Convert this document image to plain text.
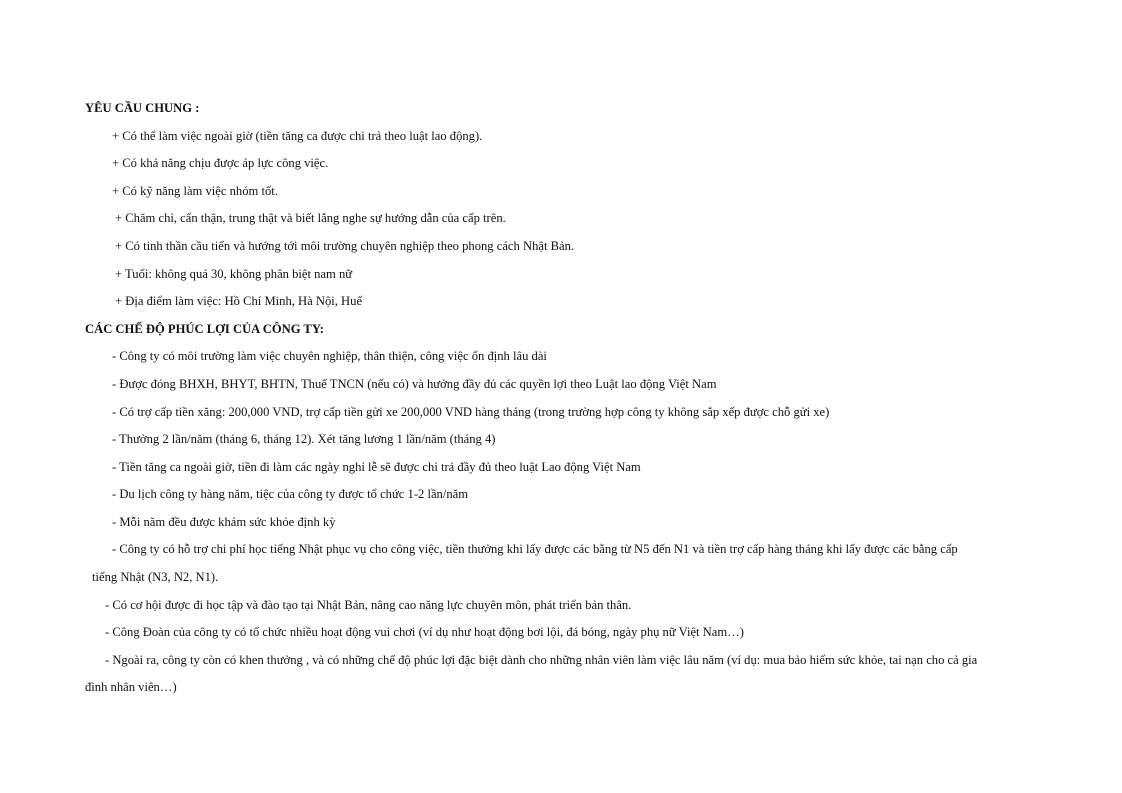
YÊU CẦU CHUNG :
+ Có thể làm việc ngoài giờ (tiền tăng ca được chi trả theo luật lao động).
+ Có khả năng chịu được áp lực công việc.
+ Có kỹ năng làm việc nhóm tốt.
+ Chăm chỉ, cẩn thận, trung thật và biết lắng nghe sự hướng dẫn của cấp trên.
+ Có tinh thần cầu tiến và hướng tới môi trường chuyên nghiệp theo phong cách Nhật Bản.
+ Tuổi: không quá 30, không phân biệt nam nữ
+ Địa điểm làm việc: Hồ Chí Minh, Hà Nội, Huế
CÁC CHẾ ĐỘ PHÚC LỢI CỦA CÔNG TY:
- Công ty có môi trường làm việc chuyên nghiệp, thân thiện, công việc ổn định lâu dài
- Được đóng BHXH, BHYT, BHTN, Thuế TNCN (nếu có) và hưởng đầy đủ các quyền lợi theo Luật lao động Việt Nam
- Có trợ cấp tiền xăng: 200,000 VND, trợ cấp tiền gửi xe 200,000 VND hàng tháng (trong trường hợp công ty không sắp xếp được chỗ gửi xe)
- Thưởng 2 lần/năm (tháng 6, tháng 12). Xét tăng lương 1 lần/năm (tháng 4)
- Tiền tăng ca ngoài giờ, tiền đi làm các ngày nghỉ lễ sẽ được chi trả đầy đủ theo luật Lao động Việt Nam
- Du lịch công ty hàng năm, tiệc của công ty được tổ chức 1-2 lần/năm
- Mỗi năm đều được khám sức khỏe định kỳ
- Công ty có hỗ trợ chi phí học tiếng Nhật phục vụ cho công việc, tiền thưởng khi lấy được các bằng từ N5 đến N1 và tiền trợ cấp hàng tháng khi lấy được các bằng cấp
tiếng Nhật (N3, N2, N1).
- Có cơ hội được đi học tập và đào tạo tại Nhật Bản, nâng cao năng lực chuyên môn, phát triển bản thân.
- Công Đoàn của công ty có tổ chức nhiều hoạt động vui chơi (ví dụ như hoạt động bơi lội, đá bóng, ngày phụ nữ Việt Nam…)
- Ngoài ra, công ty còn có khen thưởng , và có những chế độ phúc lợi đặc biệt dành cho những nhân viên làm việc lâu năm (ví dụ: mua bảo hiểm sức khỏe, tai nạn cho cả gia
đình nhân viên…)
